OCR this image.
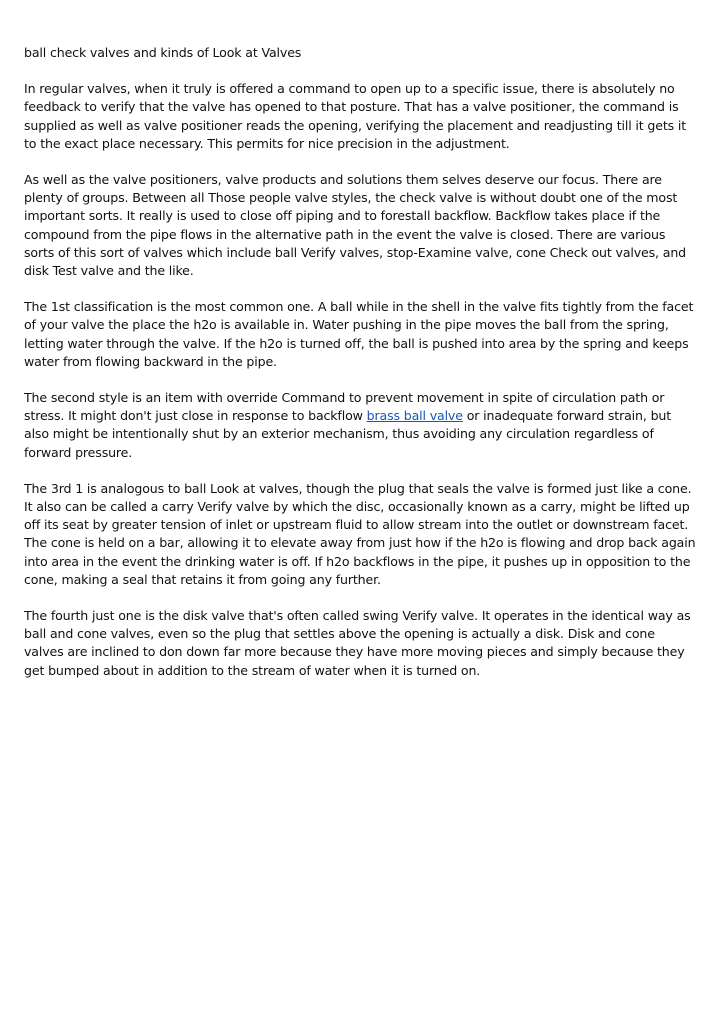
ball check valves and kinds of Look at Valves

In regular valves, when it truly is offered a command to open up to a specific issue, there is absolutely no feedback to verify that the valve has opened to that posture. That has a valve positioner, the command is supplied as well as valve positioner reads the opening, verifying the placement and readjusting till it gets it to the exact place necessary. This permits for nice precision in the adjustment.

As well as the valve positioners, valve products and solutions them selves deserve our focus. There are plenty of groups. Between all Those people valve styles, the check valve is without doubt one of the most important sorts. It really is used to close off piping and to forestall backflow. Backflow takes place if the compound from the pipe flows in the alternative path in the event the valve is closed. There are various sorts of this sort of valves which include ball Verify valves, stop-Examine valve, cone Check out valves, and disk Test valve and the like.

The 1st classification is the most common one. A ball while in the shell in the valve fits tightly from the facet of your valve the place the h2o is available in. Water pushing in the pipe moves the ball from the spring, letting water through the valve. If the h2o is turned off, the ball is pushed into area by the spring and keeps water from flowing backward in the pipe.

The second style is an item with override Command to prevent movement in spite of circulation path or stress. It might don't just close in response to backflow brass ball valve or inadequate forward strain, but also might be intentionally shut by an exterior mechanism, thus avoiding any circulation regardless of forward pressure.

The 3rd 1 is analogous to ball Look at valves, though the plug that seals the valve is formed just like a cone. It also can be called a carry Verify valve by which the disc, occasionally known as a carry, might be lifted up off its seat by greater tension of inlet or upstream fluid to allow stream into the outlet or downstream facet. The cone is held on a bar, allowing it to elevate away from just how if the h2o is flowing and drop back again into area in the event the drinking water is off. If h2o backflows in the pipe, it pushes up in opposition to the cone, making a seal that retains it from going any further.

The fourth just one is the disk valve that's often called swing Verify valve. It operates in the identical way as ball and cone valves, even so the plug that settles above the opening is actually a disk. Disk and cone valves are inclined to don down far more because they have more moving pieces and simply because they get bumped about in addition to the stream of water when it is turned on.
